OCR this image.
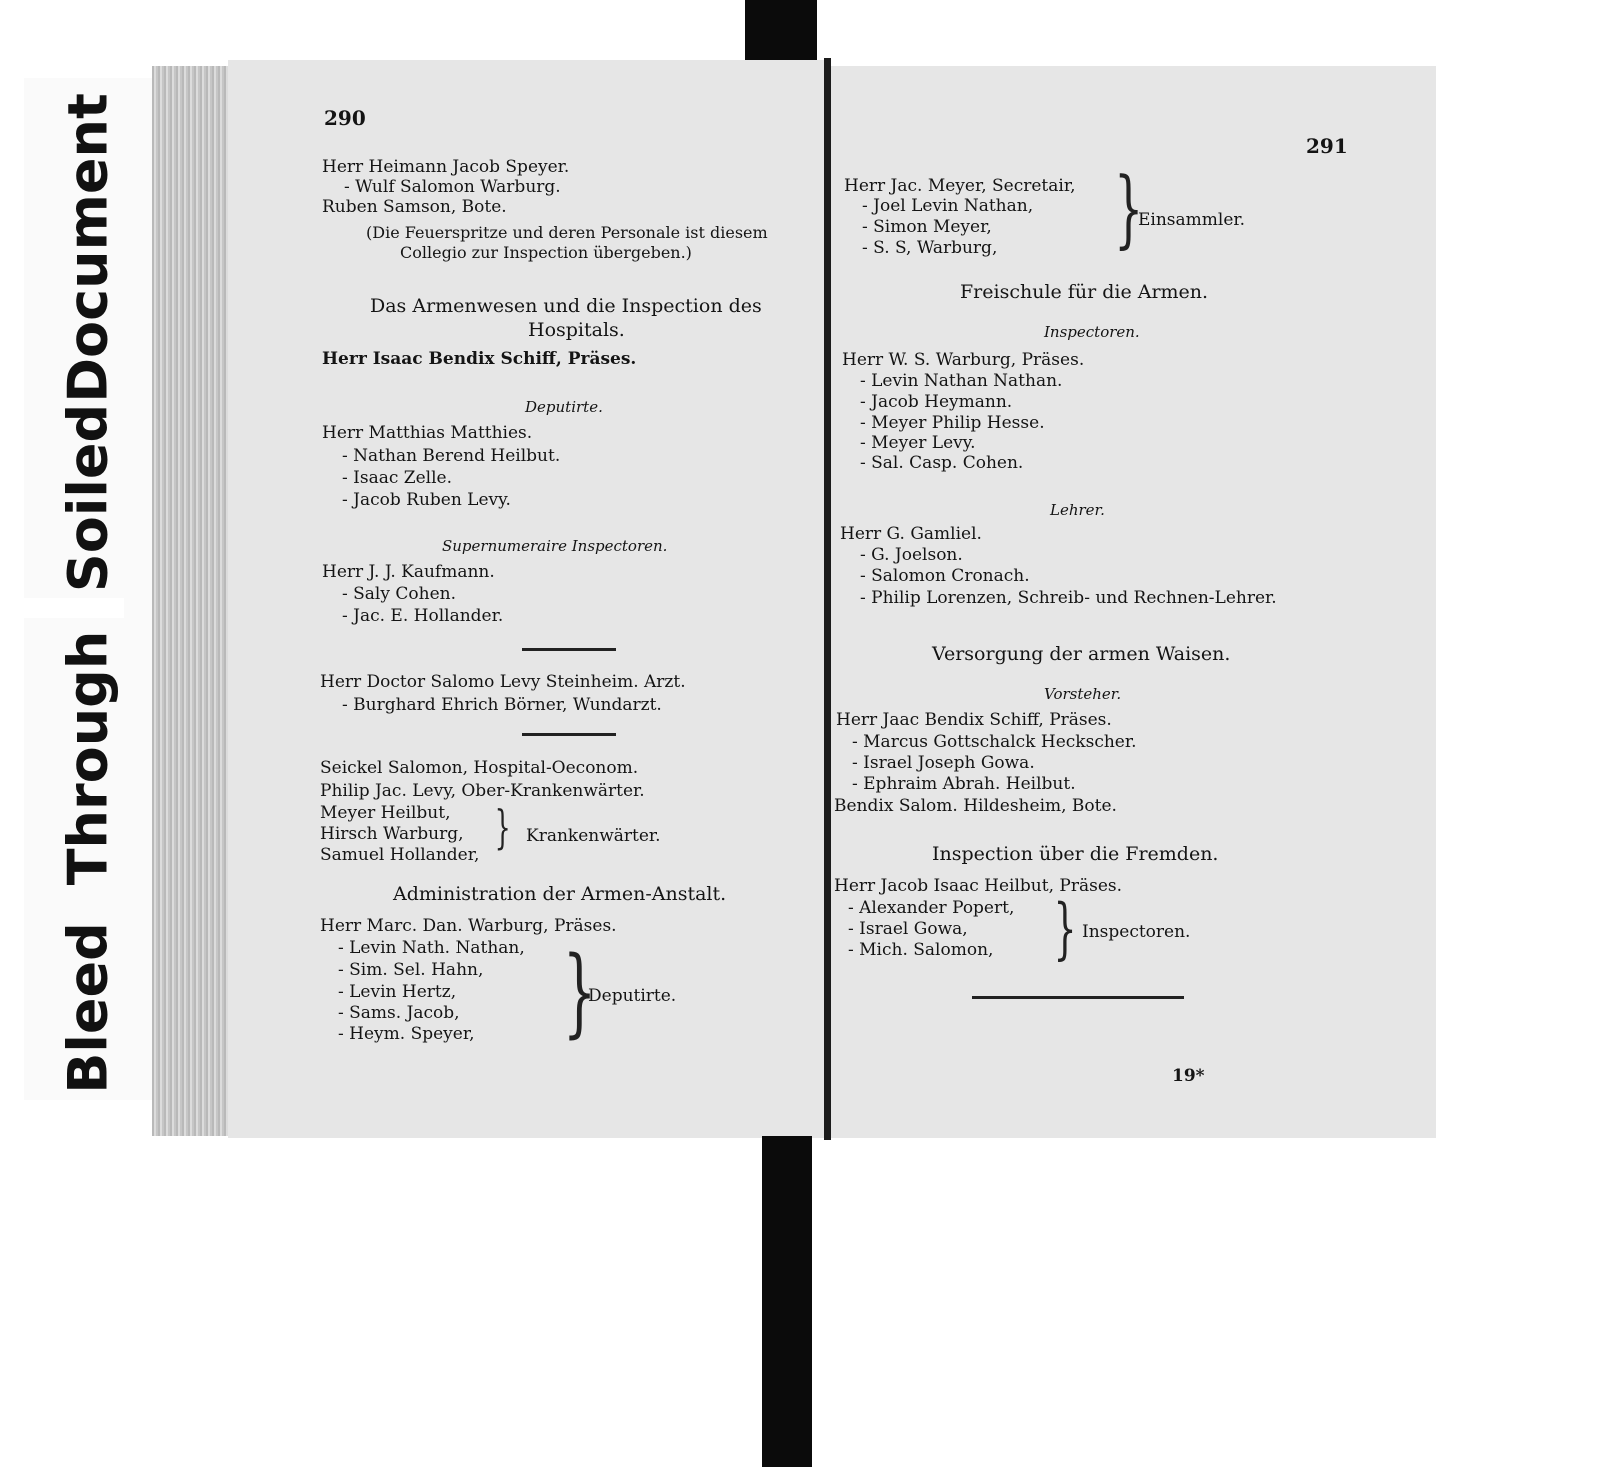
Bleed
Through
Soiled
Document	290
Herr Heimann Jacob Speyer.
- Wulf Salomon Warburg.
Ruben Samson, Bote.
(Die Feuerspritze und deren Personale ist diesem
Collegio zur Inspection übergeben.)
Das Armenwesen und die Inspection des
Hospitals.
Herr Isaac Bendix Schiff, Präses.
Deputirte.
Herr Matthias Matthies.
- Nathan Berend Heilbut.
- Isaac Zelle.
- Jacob Ruben Levy.
Supernumeraire Inspectoren.
Herr J. J. Kaufmann.
- Saly Cohen.
- Jac. E. Hollander.
Herr Doctor Salomo Levy Steinheim. Arzt.
- Burghard Ehrich Börner, Wundarzt.
Seickel Salomon, Hospital-Oeconom.
Philip Jac. Levy, Ober-Krankenwärter.
Meyer Heilbut,
Hirsch Warburg,
Samuel Hollander,
} Krankenwärter.
Administration der Armen-Anstalt.
Herr Marc. Dan. Warburg, Präses.
- Levin Nath. Nathan,
- Sim. Sel. Hahn,
- Levin Hertz,
- Sams. Jacob,
- Heym. Speyer, }
Deputirte.
291
Herr Jac. Meyer, Secretair,
- Joel Levin Nathan,
- Simon Meyer,
- S. S, Warburg, }
Einsammler.
Freischule für die Armen.
Inspectoren.
Herr W. S. Warburg, Präses.
- Levin Nathan Nathan.
- Jacob Heymann.
- Meyer Philip Hesse.
- Meyer Levy.
- Sal. Casp. Cohen.
Lehrer.
Herr G. Gamliel.
- G. Joelson.
- Salomon Cronach.
- Philip Lorenzen, Schreib- und Rechnen-Lehrer.
Versorgung der armen Waisen.
Vorsteher.
Herr Jaac Bendix Schiff, Präses.
- Marcus Gottschalck Heckscher.
- Israel Joseph Gowa.
- Ephraim Abrah. Heilbut.
Bendix Salom. Hildesheim, Bote.
Inspection über die Fremden.
Herr Jacob Isaac Heilbut, Präses.
- Alexander Popert,
- Israel Gowa,
- Mich. Salomon, } Inspectoren.
19*
